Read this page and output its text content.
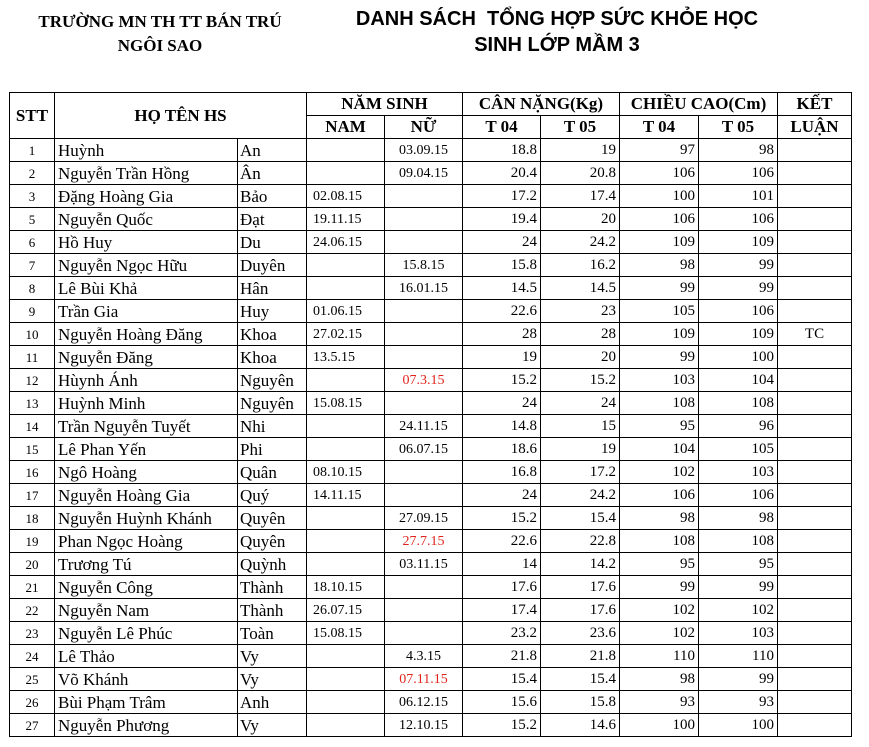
TRƯỜNG MN TH TT BÁN TRÚ
NGÔI SAO
DANH SÁCH  TỔNG HỢP SỨC KHỎE HỌC
SINH LỚP MẦM 3
STT	HỌ TÊN HS		NĂM SINH		CÂN NẶNG(Kg)		CHIỀU CAO(Cm)		KẾT
			NAM	NỮ	T 04	T 05	T 04	T 05	LUẬN
1	Huỳnh	An		03.09.15	18.8	19	97	98	
2	Nguyễn Trần Hồng	Ân		09.04.15	20.4	20.8	106	106	
3	Đặng Hoàng Gia	Bảo	02.08.15		17.2	17.4	100	101	
5	Nguyễn Quốc	Đạt	19.11.15		19.4	20	106	106	
6	Hồ Huy	Du	24.06.15		24	24.2	109	109	
7	Nguyễn Ngọc Hữu	Duyên		15.8.15	15.8	16.2	98	99	
8	Lê Bùi Khả	Hân		16.01.15	14.5	14.5	99	99	
9	Trần Gia	Huy	01.06.15		22.6	23	105	106	
10	Nguyễn Hoàng Đăng	Khoa	27.02.15		28	28	109	109	TC
11	Nguyễn Đăng	Khoa	13.5.15		19	20	99	100	
12	Hùynh Ánh	Nguyên		07.3.15	15.2	15.2	103	104	
13	Huỳnh Minh	Nguyên	15.08.15		24	24	108	108	
14	Trần Nguyễn Tuyết	Nhi		24.11.15	14.8	15	95	96	
15	Lê Phan Yến	Phi		06.07.15	18.6	19	104	105	
16	Ngô Hoàng	Quân	08.10.15		16.8	17.2	102	103	
17	Nguyễn Hoàng Gia	Quý	14.11.15		24	24.2	106	106	
18	Nguyễn Huỳnh Khánh	Quyên		27.09.15	15.2	15.4	98	98	
19	Phan Ngọc Hoàng	Quyên		27.7.15	22.6	22.8	108	108	
20	Trương Tú	Quỳnh		03.11.15	14	14.2	95	95	
21	Nguyễn Công	Thành	18.10.15		17.6	17.6	99	99	
22	Nguyễn Nam	Thành	26.07.15		17.4	17.6	102	102	
23	Nguyễn Lê Phúc	Toàn	15.08.15		23.2	23.6	102	103	
24	Lê Thảo	Vy		4.3.15	21.8	21.8	110	110	
25	Võ Khánh	Vy		07.11.15	15.4	15.4	98	99	
26	Bùi Phạm Trâm	Anh		06.12.15	15.6	15.8	93	93	
27	Nguyễn Phương	Vy		12.10.15	15.2	14.6	100	100	
